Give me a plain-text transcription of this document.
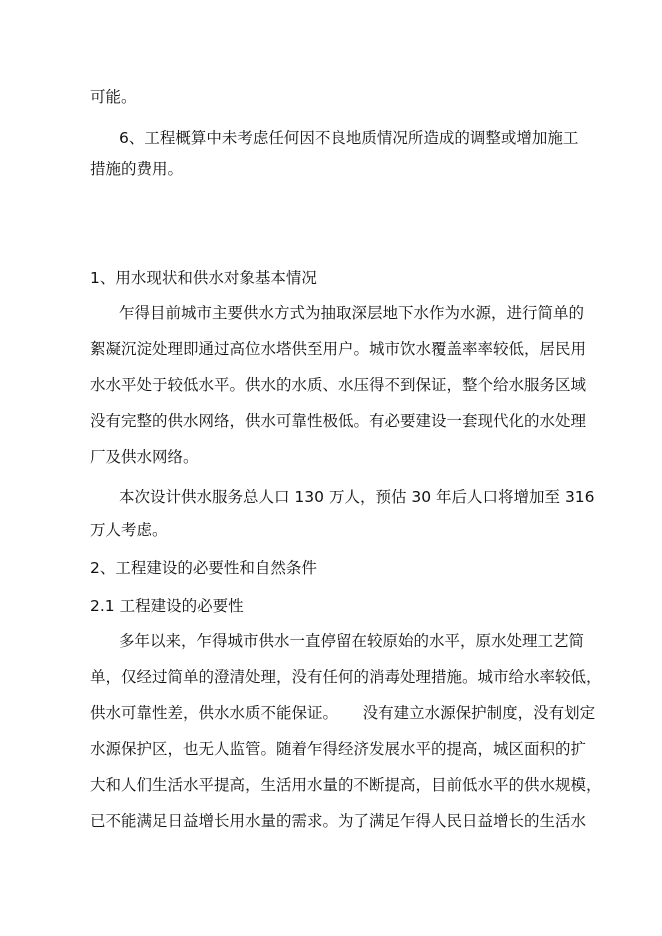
可能。
6、工程概算中未考虑任何因不良地质情况所造成的调整或增加施工
措施的费用。
1、用水现状和供水对象基本情况
乍得目前城市主要供水方式为抽取深层地下水作为水源，进行简单的
絮凝沉淀处理即通过高位水塔供至用户。城市饮水覆盖率率较低，居民用
水水平处于较低水平。供水的水质、水压得不到保证，整个给水服务区域
没有完整的供水网络，供水可靠性极低。有必要建设一套现代化的水处理
厂及供水网络。
本次设计供水服务总人口 130 万人，预估 30 年后人口将增加至 316
万人考虑。
2、工程建设的必要性和自然条件
2.1 工程建设的必要性
多年以来，乍得城市供水一直停留在较原始的水平，原水处理工艺简
单，仅经过简单的澄清处理，没有任何的消毒处理措施。城市给水率较低，
供水可靠性差，供水水质不能保证。     没有建立水源保护制度，没有划定
水源保护区，也无人监管。随着乍得经济发展水平的提高，城区面积的扩
大和人们生活水平提高，生活用水量的不断提高，目前低水平的供水规模，
已不能满足日益增长用水量的需求。为了满足乍得人民日益增长的生活水
